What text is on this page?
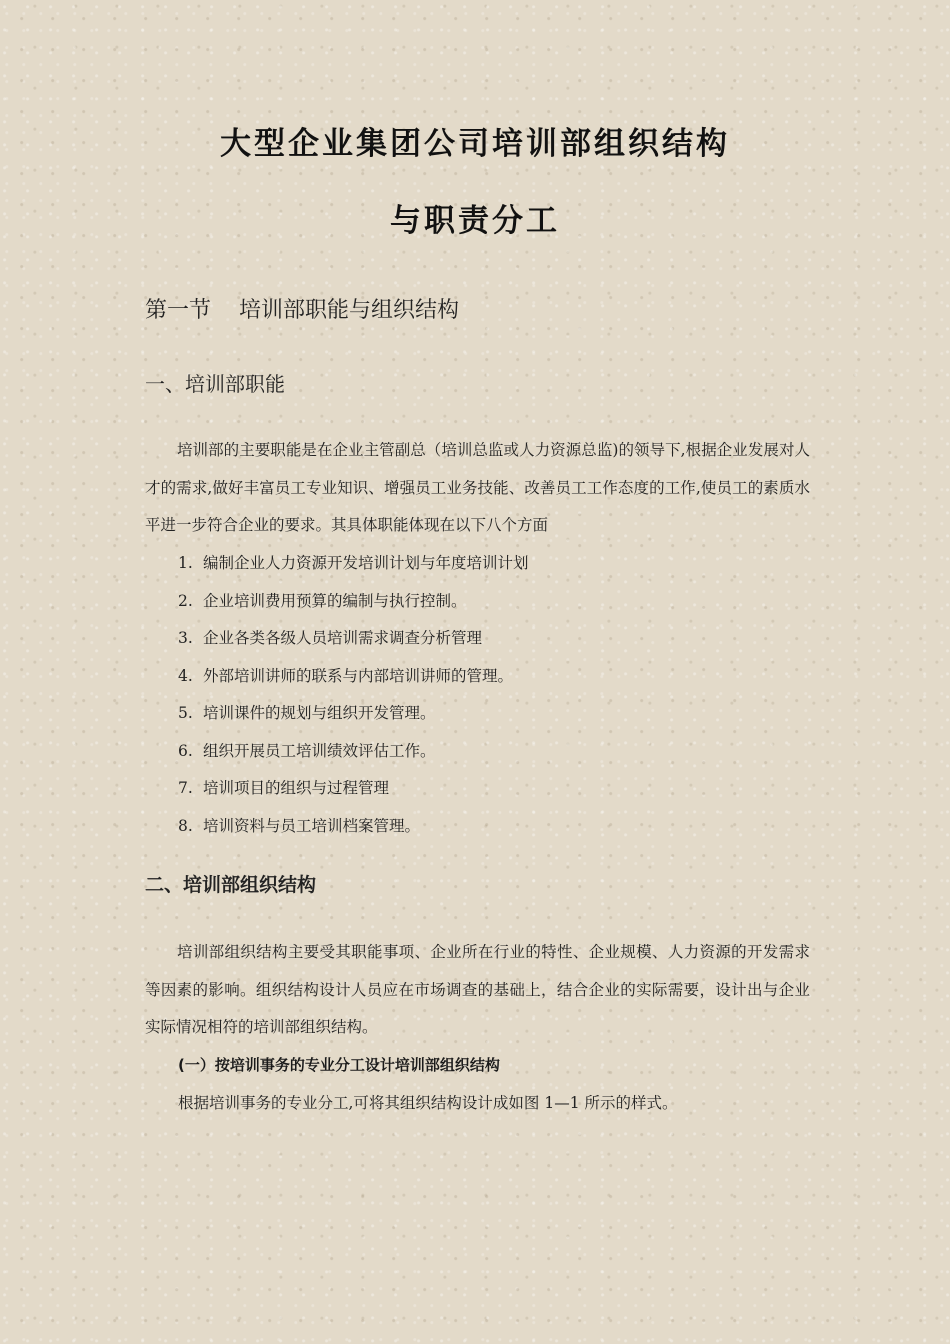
大型企业集团公司培训部组织结构
与职责分工
第一节 培训部职能与组织结构
一、培训部职能
培训部的主要职能是在企业主管副总（培训总监或人力资源总监)的领导下,根据企业发展对人才的需求,做好丰富员工专业知识、增强员工业务技能、改善员工工作态度的工作,使员工的素质水平进一步符合企业的要求。其具体职能体现在以下八个方面
1. 编制企业人力资源开发培训计划与年度培训计划
2. 企业培训费用预算的编制与执行控制。
3. 企业各类各级人员培训需求调查分析管理
4. 外部培训讲师的联系与内部培训讲师的管理。
5. 培训课件的规划与组织开发管理。
6. 组织开展员工培训绩效评估工作。
7. 培训项目的组织与过程管理
8. 培训资料与员工培训档案管理。
二、培训部组织结构
培训部组织结构主要受其职能事项、企业所在行业的特性、企业规模、人力资源的开发需求等因素的影响。组织结构设计人员应在市场调查的基础上，结合企业的实际需要，设计出与企业实际情况相符的培训部组织结构。
(一）按培训事务的专业分工设计培训部组织结构
根据培训事务的专业分工,可将其组织结构设计成如图 1—1 所示的样式。
